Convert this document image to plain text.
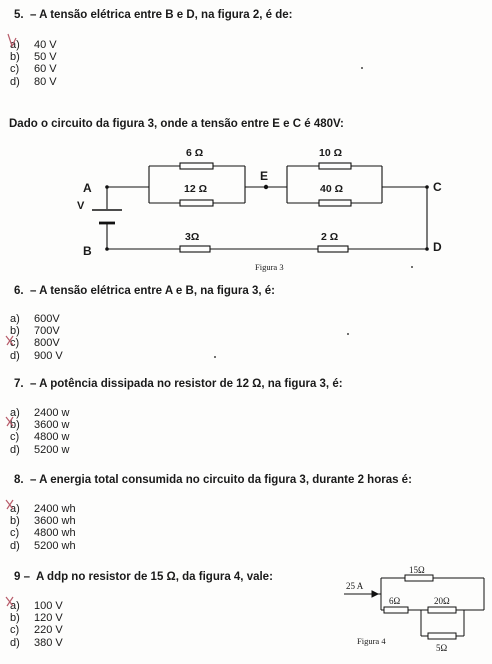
5. – A tensão elétrica entre B e D, na figura 2, é de:
a) 40 V
b) 50 V
c) 60 V
d) 80 V
Dado o circuito da figura 3, onde a tensão entre E e C é 480V:
A
V
B
E
C
D
6 Ω
12 Ω
10 Ω
40 Ω
3Ω	2 Ω
Figura 3
6. – A tensão elétrica entre A e B, na figura 3, é:
a) 600V
b) 700V
c) 800V
d) 900 V
7. – A potência dissipada no resistor de 12 Ω, na figura 3, é:
a) 2400 w
b) 3600 w
c) 4800 w
d) 5200 w
8. – A energia total consumida no circuito da figura 3, durante 2 horas é:
a) 2400 wh
b) 3600 wh
c) 4800 wh
d) 5200 wh
9 – A ddp no resistor de 15 Ω, da figura 4, vale:
a) 100 V
b) 120 V
c) 220 V
d) 380 V
25 A
15Ω
6Ω	20Ω
5Ω
Figura 4
